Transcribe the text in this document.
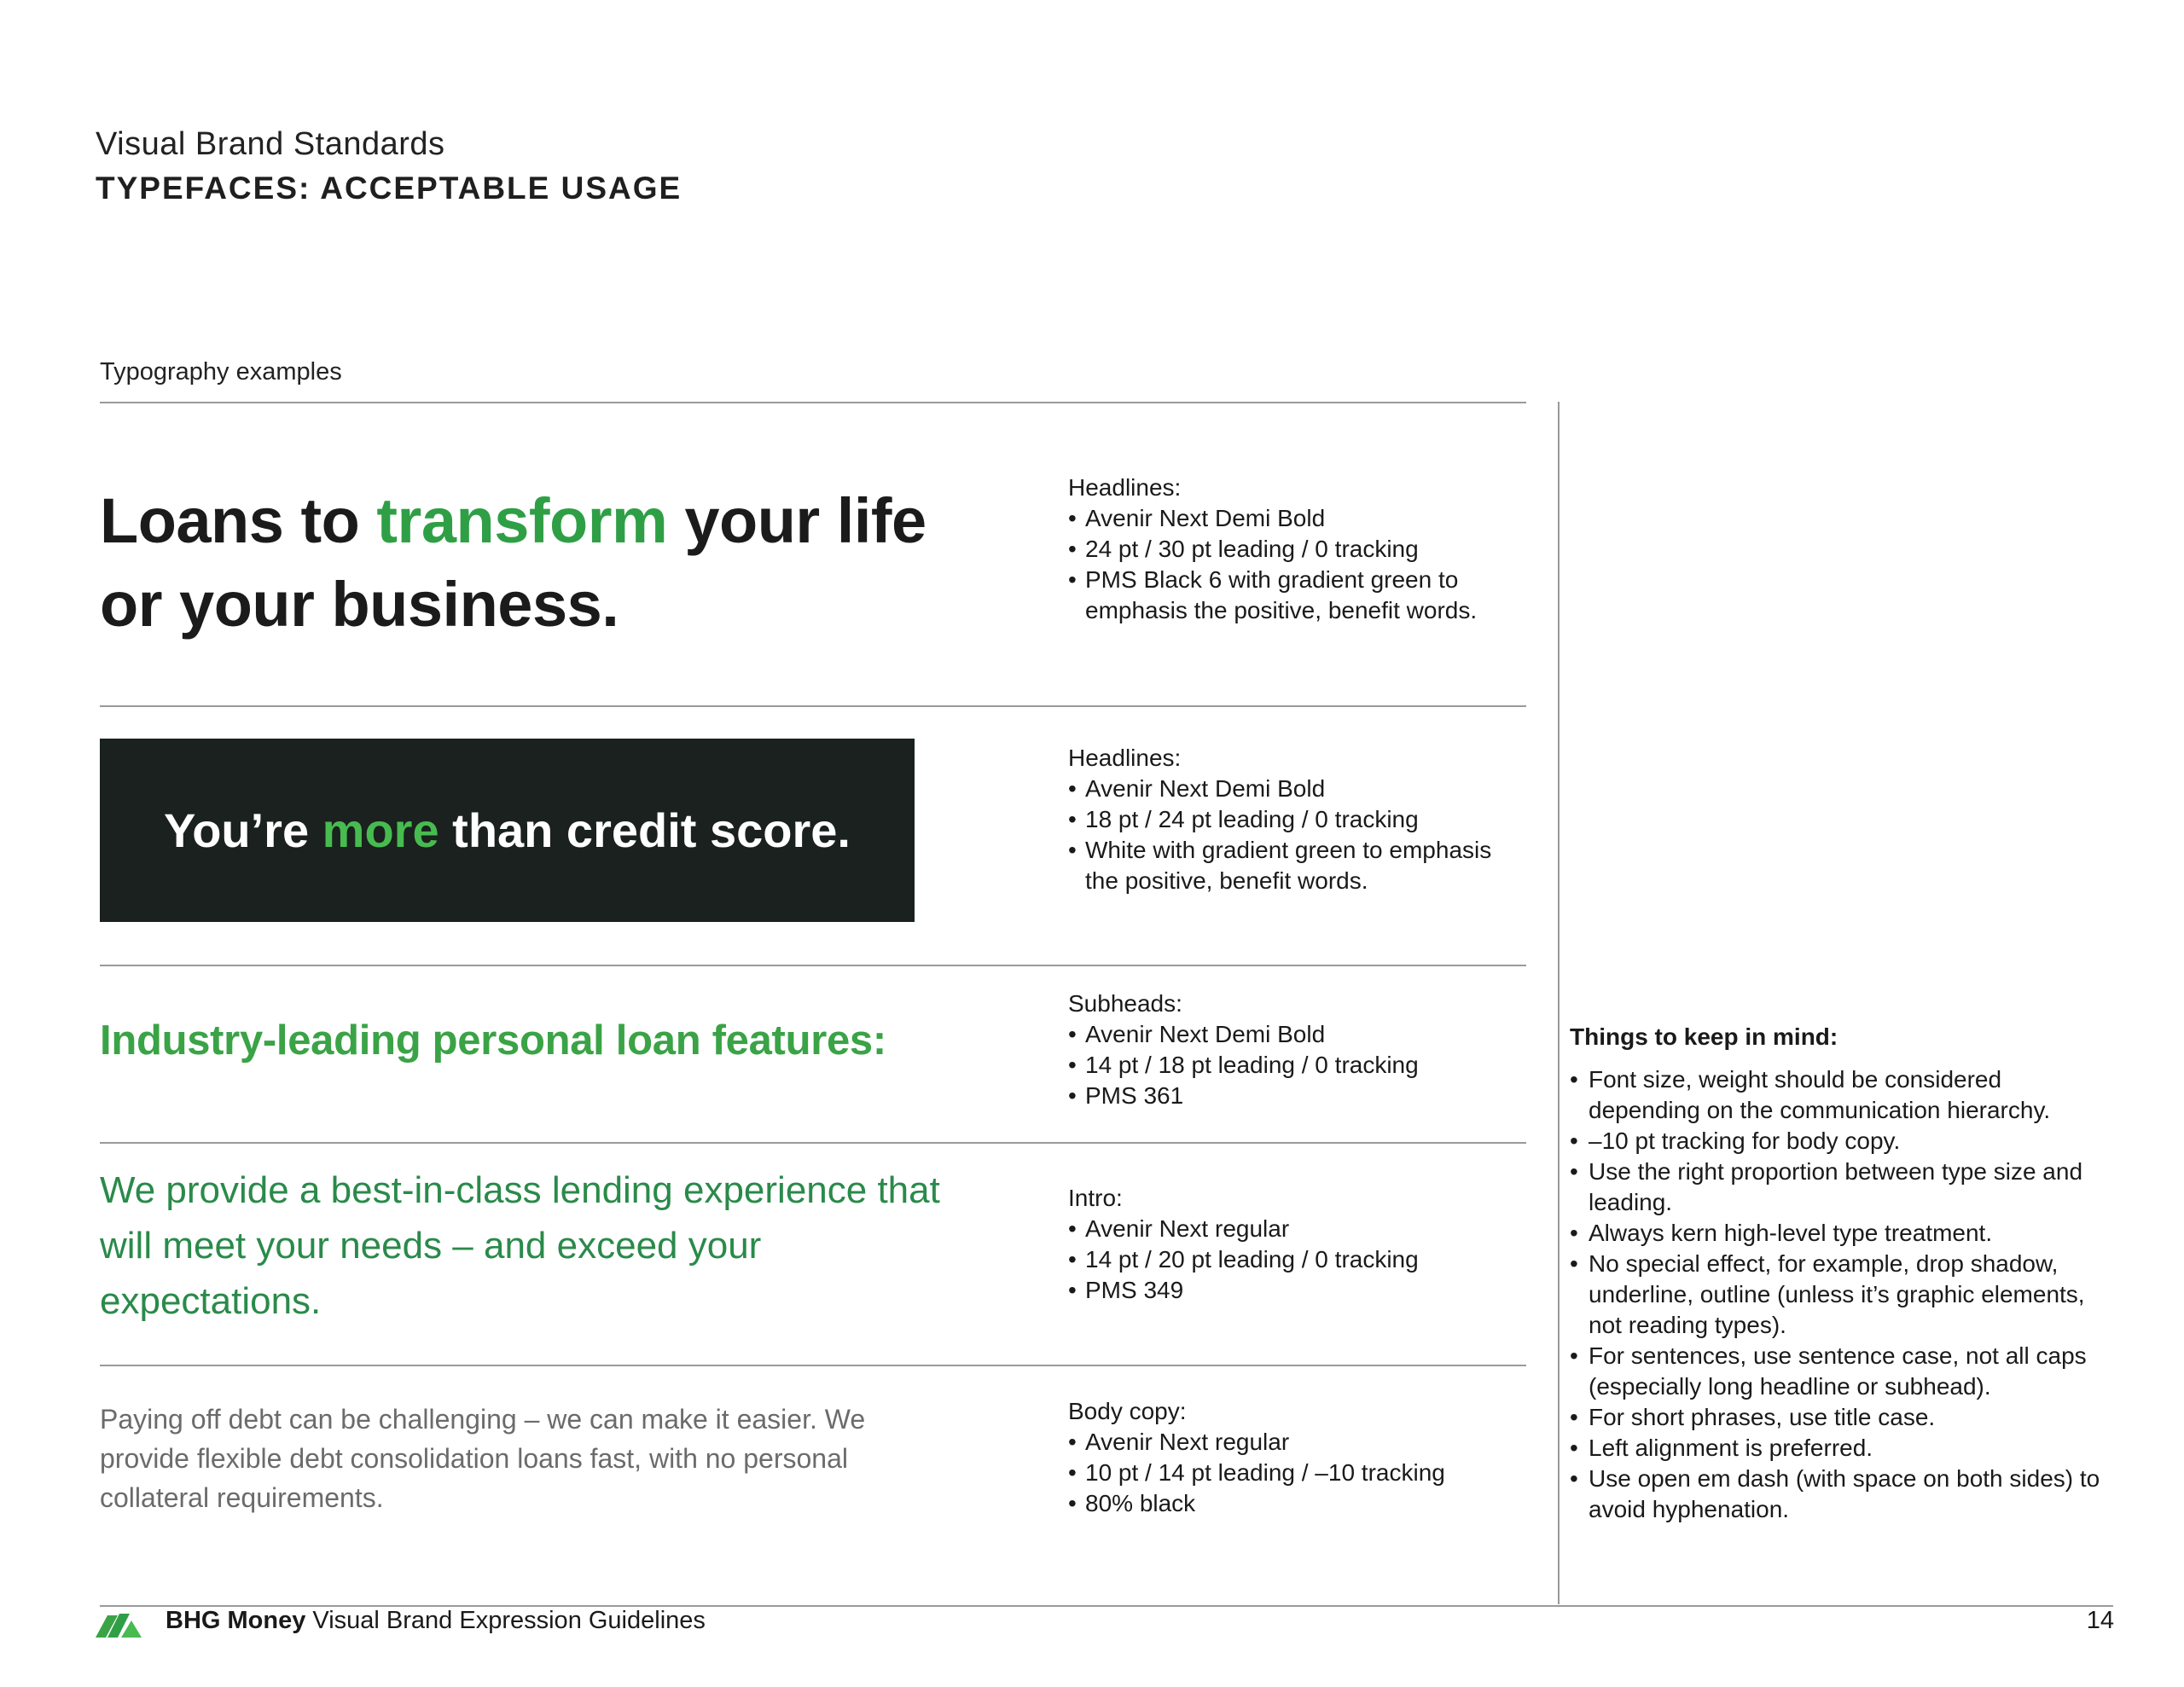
Visual Brand Standards
TYPEFACES: ACCEPTABLE USAGE
Typography examples
Loans to transform your life or your business.
Headlines:
• Avenir Next Demi Bold
• 24 pt / 30 pt leading / 0 tracking
• PMS Black 6 with gradient green to emphasis the positive, benefit words.
You’re more than credit score.
Headlines:
• Avenir Next Demi Bold
• 18 pt / 24 pt leading / 0 tracking
• White with gradient green to emphasis the positive, benefit words.
Industry-leading personal loan features:
Subheads:
• Avenir Next Demi Bold
• 14 pt / 18 pt leading / 0 tracking
• PMS 361
We provide a best-in-class lending experience that will meet your needs – and exceed your expectations.
Intro:
• Avenir Next regular
• 14 pt / 20 pt leading / 0 tracking
• PMS 349
Paying off debt can be challenging – we can make it easier. We provide flexible debt consolidation loans fast, with no personal collateral requirements.
Body copy:
• Avenir Next regular
• 10 pt / 14 pt leading / –10 tracking
• 80% black
Things to keep in mind:
• Font size, weight should be considered depending on the communication hierarchy.
• –10 pt tracking for body copy.
• Use the right proportion between type size and leading.
• Always kern high-level type treatment.
• No special effect, for example, drop shadow, underline, outline (unless it’s graphic elements, not reading types).
• For sentences, use sentence case, not all caps (especially long headline or subhead).
• For short phrases, use title case.
• Left alignment is preferred.
• Use open em dash (with space on both sides) to avoid hyphenation.
BHG Money Visual Brand Expression Guidelines	14
